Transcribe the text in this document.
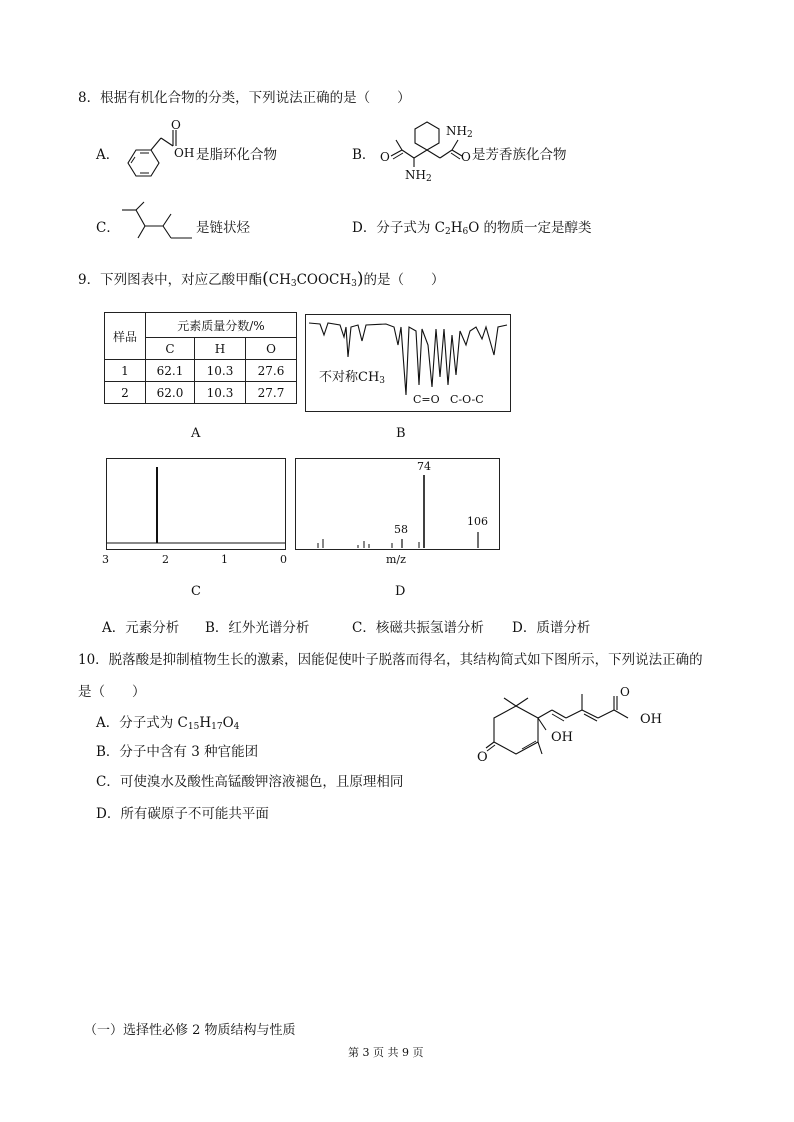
8．根据有机化合物的分类，下列说法正确的是（　　）
A．
O
OH 是脂环化合物	B．
$NH_2$
O
$NH_2$
O 是芳香族化合物
C．	是链状烃	D．分子式为 $C_2H_6O$ 的物质一定是醇类
9．下列图表中，对应乙酸甲酯$(CH_3COOCH_3)$的是（　　）
样品	元素质量分数/%		
	C	H	O
1	62.1	10.3	27.6
2	62.0	10.3	27.7
A
不对称$CH_3$
C=O C-O-C
B
3	2	1	0
C
74
58
106
m/z
D
A．元素分析 B．红外光谱分析	C．核磁共振氢谱分析 D．质谱分析
10．脱落酸是抑制植物生长的激素，因能促使叶子脱落而得名，其结构简式如下图所示，下列说法正确的
是（　　）
A．分子式为 $C_{15}H_{17}O_4$
B．分子中含有 3 种官能团
C．可使溴水及酸性高锰酸钾溶液褪色，且原理相同
D．所有碳原子不可能共平面
O
OH
OH
O
（一）选择性必修 2 物质结构与性质
第 3 页 共 9 页
